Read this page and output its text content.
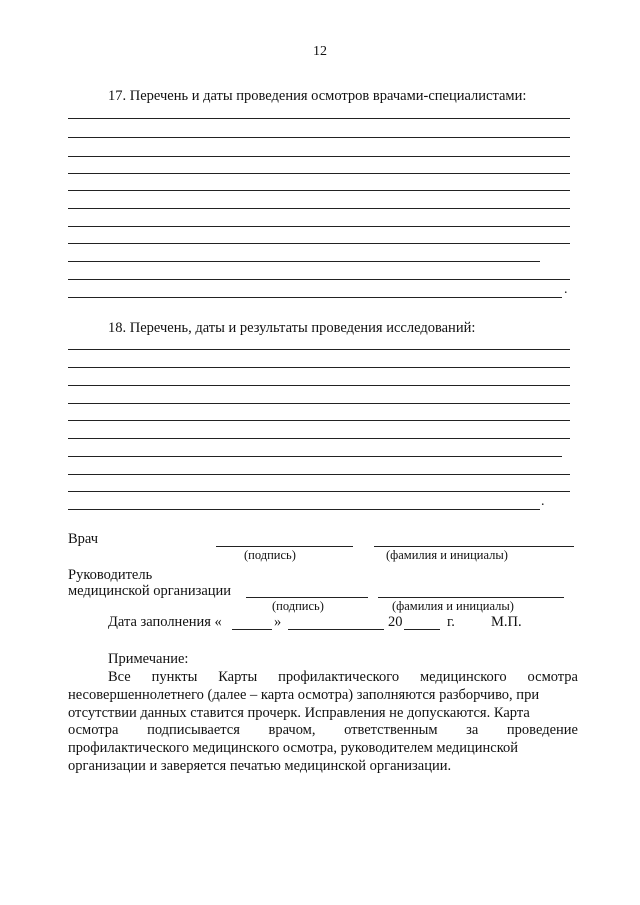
12
17. Перечень и даты проведения осмотров врачами-специалистами:
.
18. Перечень, даты и результаты проведения исследований:
.
Врач
(подпись)	(фамилия и инициалы)
Руководитель
медицинской организации
(подпись)	(фамилия и инициалы)
Дата заполнения «	»	20	г. М.П.
Примечание:
Все пункты Карты профилактического медицинского осмотра
несовершеннолетнего (далее – карта осмотра) заполняются разборчиво, при
отсутствии данных ставится прочерк. Исправления не допускаются. Карта
осмотра подписывается врачом, ответственным за проведение
профилактического медицинского осмотра, руководителем медицинской
организации и заверяется печатью медицинской организации.
